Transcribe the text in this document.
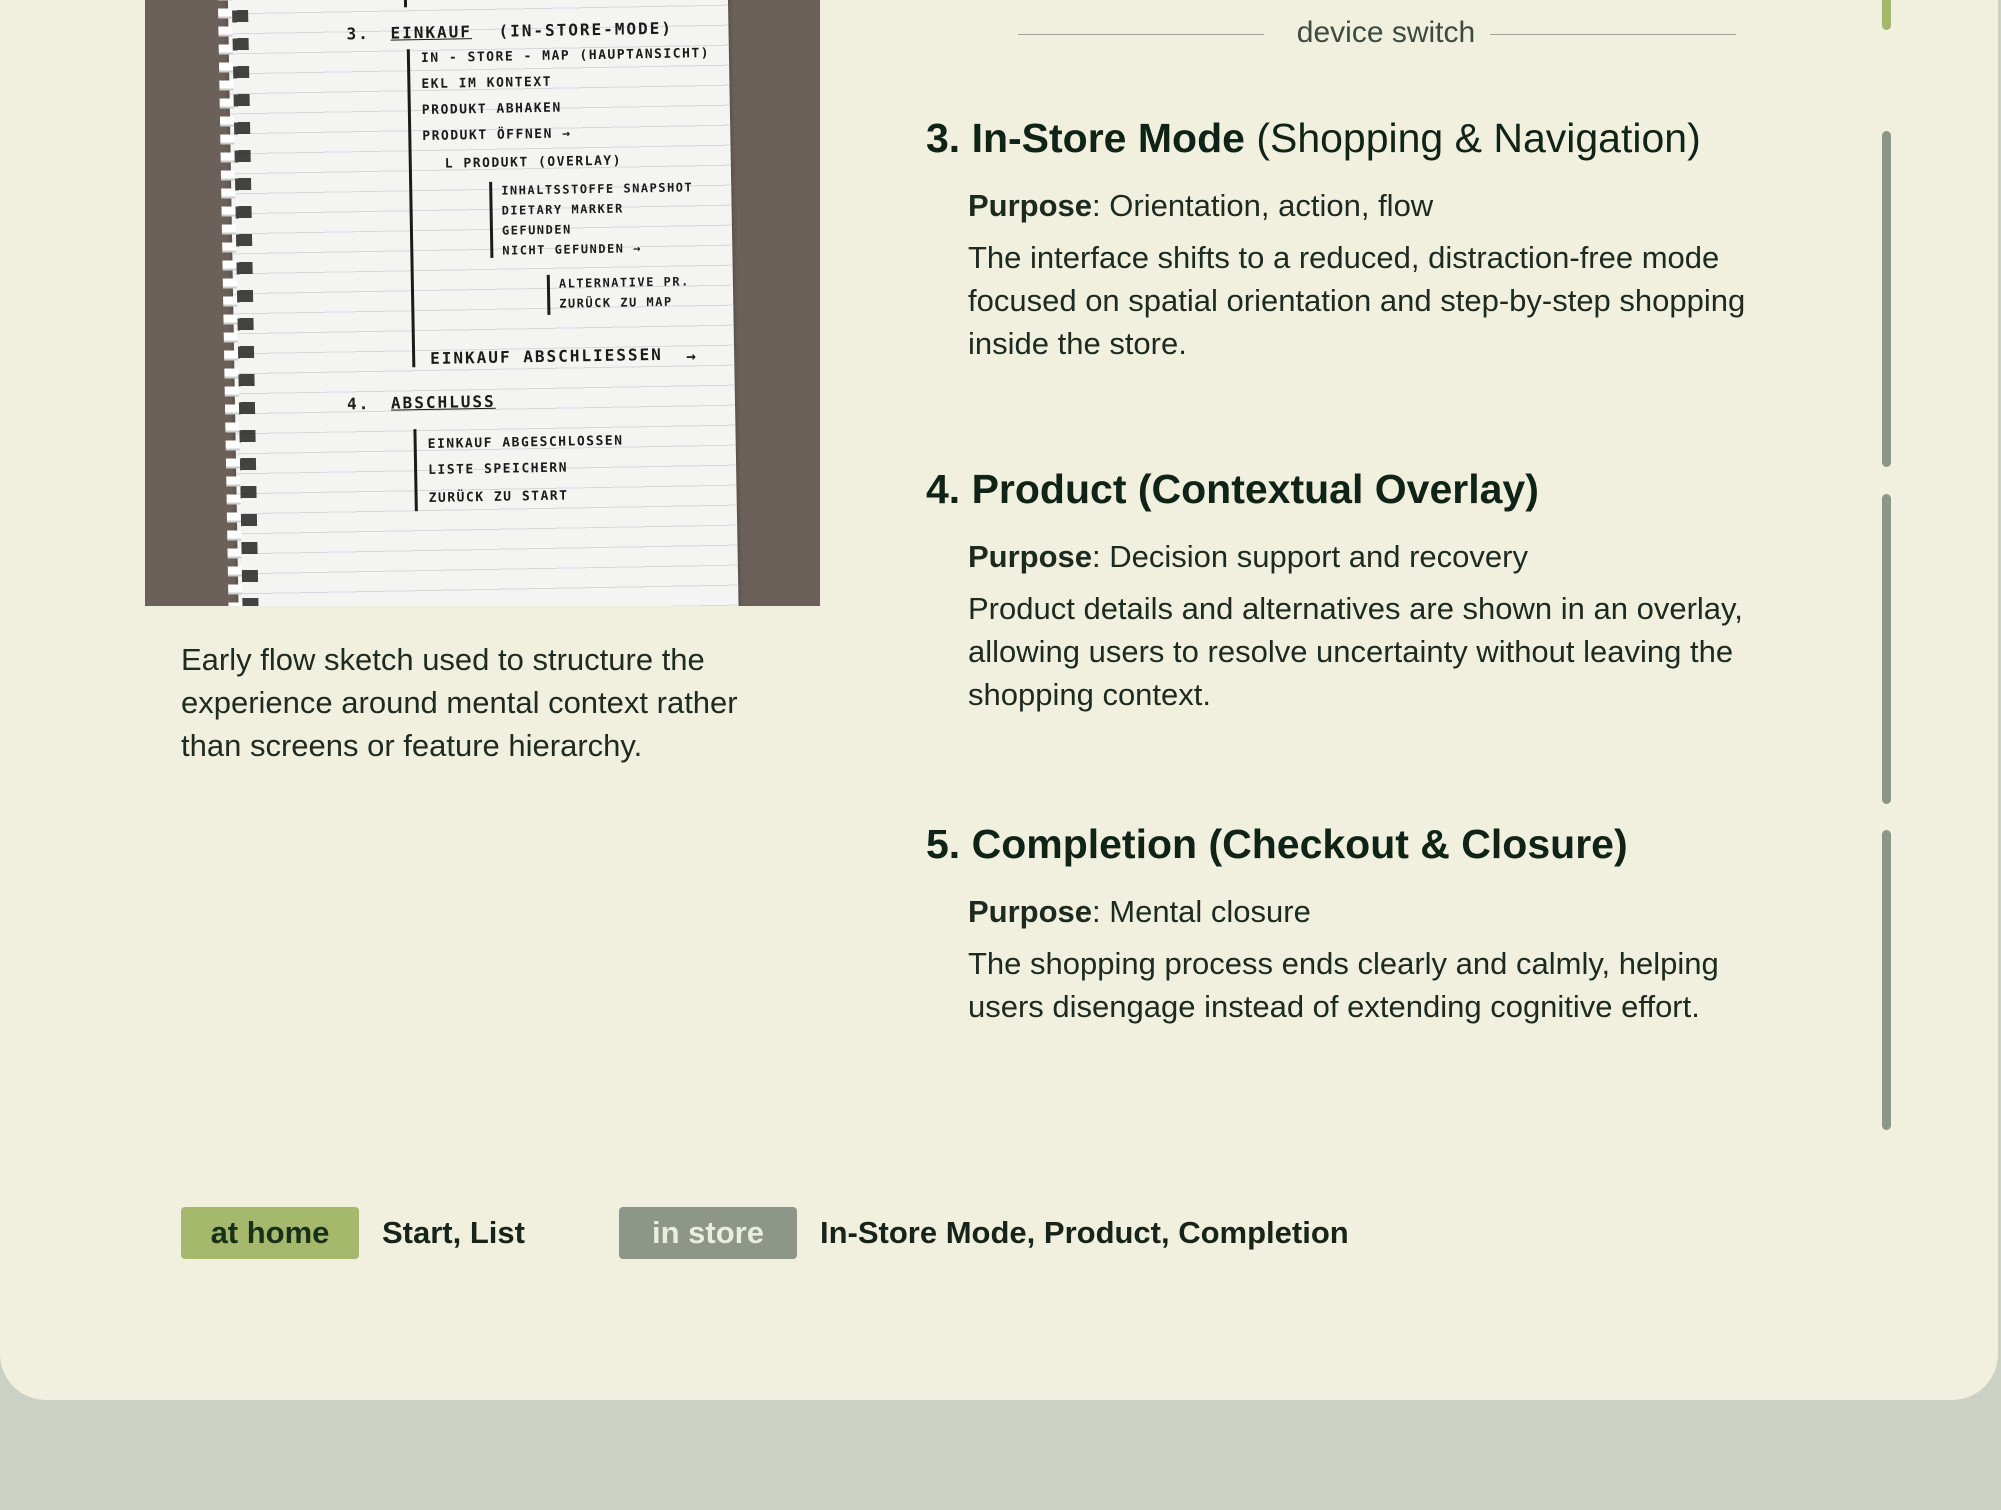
3. EINKAUF (IN-STORE-MODE)
IN - STORE - MAP (HAUPTANSICHT)
EKL IM KONTEXT
PRODUKT ABHAKEN
PRODUKT ÖFFNEN →
L PRODUKT (OVERLAY)
INHALTSSTOFFE SNAPSHOT
DIETARY MARKER
GEFUNDEN
NICHT GEFUNDEN →
ALTERNATIVE PR.
ZURÜCK ZU MAP
EINKAUF ABSCHLIESSEN →
4. ABSCHLUSS
EINKAUF ABGESCHLOSSEN
LISTE SPEICHERN
ZURÜCK ZU START
Early flow sketch used to structure the experience around mental context rather than screens or feature hierarchy.
device switch
3. In-Store Mode (Shopping & Navigation)
Purpose: Orientation, action, flow
The interface shifts to a reduced, distraction-free mode focused on spatial orientation and step-by-step shopping inside the store.
4. Product (Contextual Overlay)
Purpose: Decision support and recovery
Product details and alternatives are shown in an overlay, allowing users to resolve uncertainty without leaving the shopping context.
5. Completion (Checkout & Closure)
Purpose: Mental closure
The shopping process ends clearly and calmly, helping users disengage instead of extending cognitive effort.
at home	Start, List	in store	In-Store Mode, Product, Completion
